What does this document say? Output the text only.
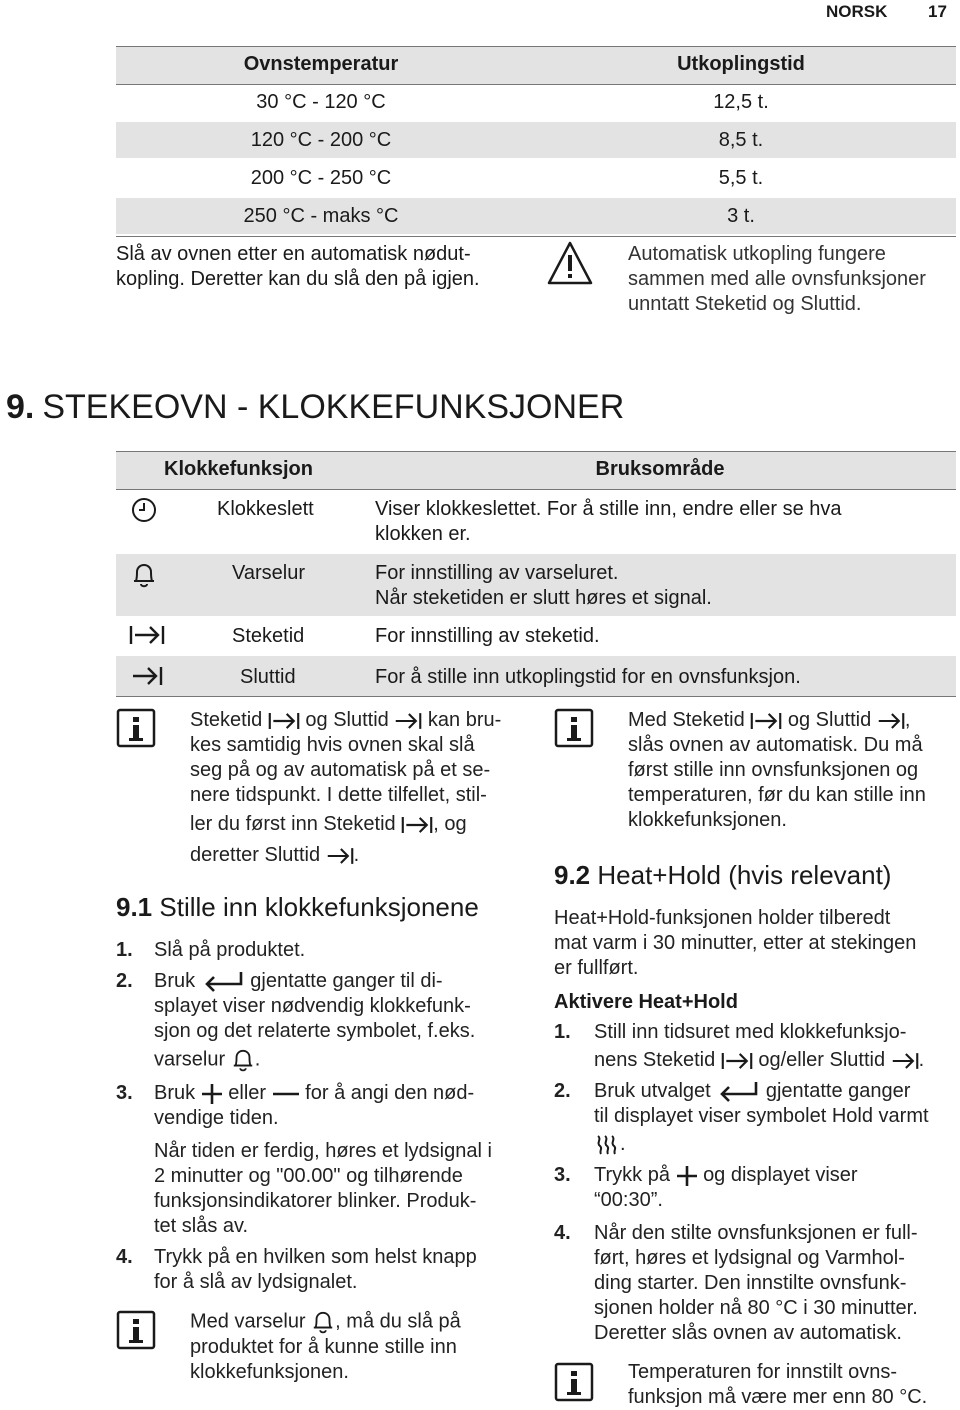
NORSK 17
Ovnstemperatur	Utkoplingstid
30 °C - 120 °C	12,5 t.
120 °C - 200 °C	8,5 t.
200 °C - 250 °C	5,5 t.
250 °C - maks °C	3 t.
Slå av ovnen etter en automatisk nødut-
kopling. Deretter kan du slå den på igjen.
Automatisk utkopling fungere
sammen med alle ovnsfunksjoner
unntatt Steketid og Sluttid.
9. STEKEOVN - KLOKKEFUNKSJONER
Klokkefunksjon	Bruksområde
Klokkeslett	Viser klokkeslettet. For å stille inn, endre eller se hva
klokken er.
Varselur	For innstilling av varseluret.
Når steketiden er slutt høres et signal.
Steketid	For innstilling av steketid.
Sluttid	For å stille inn utkoplingstid for en ovnsfunksjon.
Steketid og Sluttid kan bru-
kes samtidig hvis ovnen skal slå
seg på og av automatisk på et se-
nere tidspunkt. I dette tilfellet, stil-
ler du først inn Steketid , og
deretter Sluttid .
Med Steketid og Sluttid ,
slås ovnen av automatisk. Du må
først stille inn ovnsfunksjonen og
temperaturen, før du kan stille inn
klokkefunksjonen.
9.1 Stille inn klokkefunksjonene
1. Slå på produktet.
2. Bruk	gjentatte ganger til di-
splayet viser nødvendig klokkefunk-
sjon og det relaterte symbolet, f.eks.
varselur .
3. Bruk eller for å angi den nød-
vendige tiden.
Når tiden er ferdig, høres et lydsignal i
2 minutter og "00.00" og tilhørende
funksjonsindikatorer blinker. Produk-
tet slås av.
4. Trykk på en hvilken som helst knapp
for å slå av lydsignalet.
Med varselur , må du slå på
produktet for å kunne stille inn
klokkefunksjonen.
9.2 Heat+Hold (hvis relevant)
Heat+Hold-funksjonen holder tilberedt
mat varm i 30 minutter, etter at stekingen
er fullført.
Aktivere Heat+Hold
1. Still inn tidsuret med klokkefunksjo-
nens Steketid og/eller Sluttid .
2. Bruk utvalget	gjentatte ganger
til displayet viser symbolet Hold varmt
.
3. Trykk på og displayet viser
“00:30”.
4. Når den stilte ovnsfunksjonen er full-
ført, høres et lydsignal og Varmhol-
ding starter. Den innstilte ovnsfunk-
sjonen holder nå 80 °C i 30 minutter.
Deretter slås ovnen av automatisk.
Temperaturen for innstilt ovns-
funksjon må være mer enn 80 °C.
